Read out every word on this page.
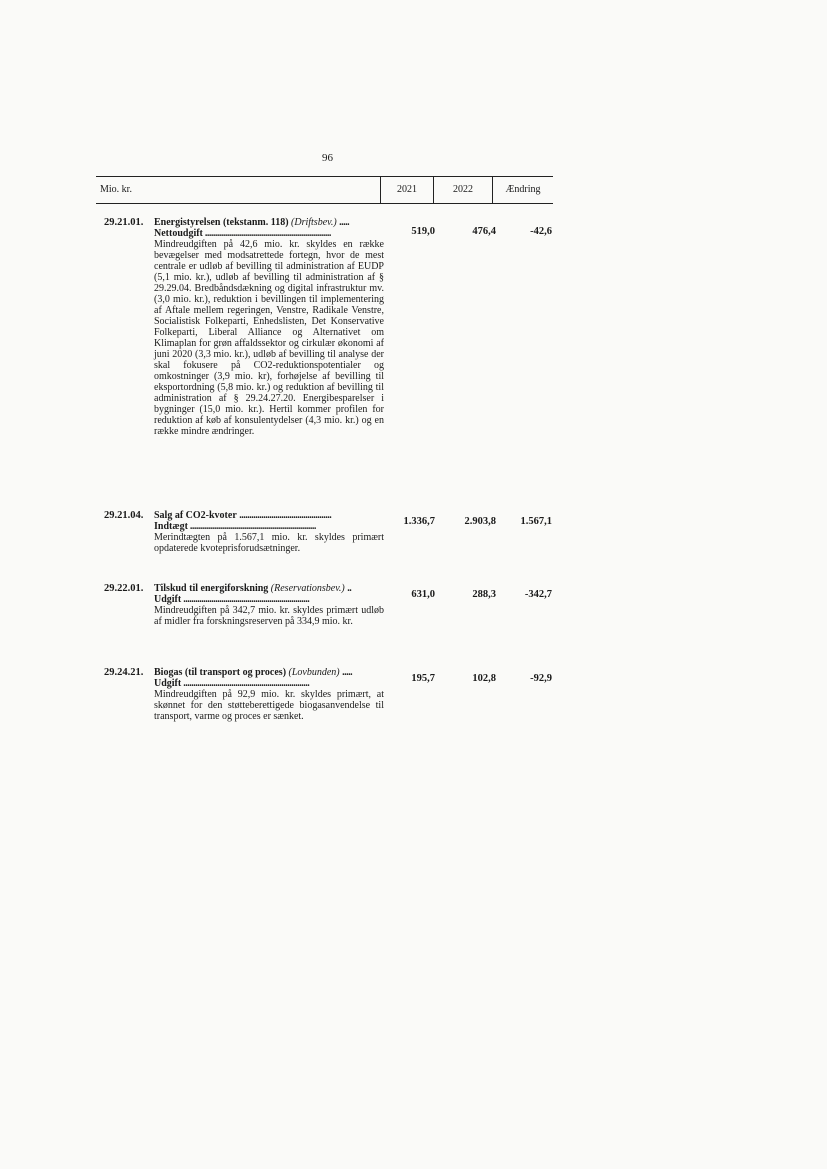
96
Mio. kr.	2021	2022	Ændring
29.21.01.	Energistyrelsen (tekstanm. 118) (Driftsbev.) .....
Nettoudgift ...............................................................
Mindreudgiften på 42,6 mio. kr. skyldes en række bevægelser med modsatrettede fortegn, hvor de mest centrale er udløb af bevilling til administration af EUDP (5,1 mio. kr.), udløb af bevilling til administration af § 29.29.04. Bredbåndsdækning og digital infrastruktur mv. (3,0 mio. kr.), reduktion i bevillingen til implementering af Aftale mellem regeringen, Venstre, Radikale Venstre, Socialistisk Folkeparti, Enhedslisten, Det Konservative Folkeparti, Liberal Alliance og Alternativet om Klimaplan for grøn affaldssektor og cirkulær økonomi af juni 2020 (3,3 mio. kr.), udløb af bevilling til analyse der skal fokusere på CO2-reduktionspotentialer og omkostninger (3,9 mio. kr), forhøjelse af bevilling til eksportordning (5,8 mio. kr.) og reduktion af bevilling til administration af § 29.24.27.20. Energibesparelser i bygninger (15,0 mio. kr.). Hertil kommer profilen for reduktion af køb af konsulentydelser (4,3 mio. kr.) og en række mindre ændringer.
519,0	476,4	-42,6
29.21.04.	Salg af CO2-kvoter ..............................................
Indtægt ...............................................................
Merindtægten på 1.567,1 mio. kr. skyldes primært opdaterede kvoteprisforudsætninger.
1.336,7	2.903,8	1.567,1
29.22.01.	Tilskud til energiforskning (Reservationsbev.) ..
Udgift ...............................................................
Mindreudgiften på 342,7 mio. kr. skyldes primært udløb af midler fra forskningsreserven på 334,9 mio. kr.
631,0	288,3	-342,7
29.24.21.	Biogas (til transport og proces) (Lovbunden) .....
Udgift ...............................................................
Mindreudgiften på 92,9 mio. kr. skyldes primært, at skønnet for den støtteberettigede biogasanvendelse til transport, varme og proces er sænket.
195,7	102,8	-92,9
